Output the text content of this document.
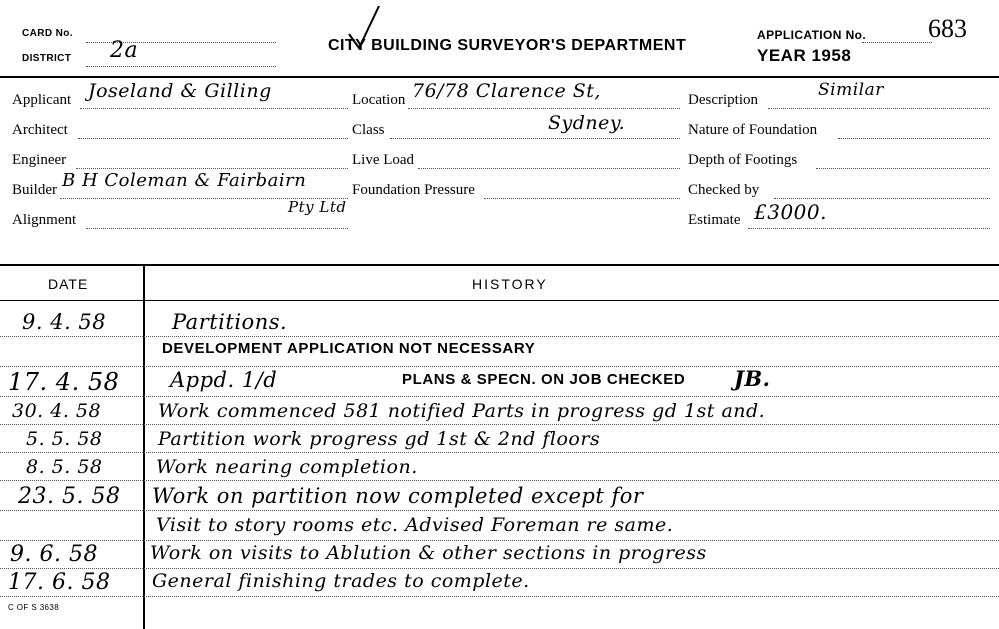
CARD No.
DISTRICT 2a	CITY BUILDING SURVEYOR'S DEPARTMENT
APPLICATION No. 683
YEAR 1958
Applicant Joseland & Gilling
Architect
Engineer
Builder B H Coleman & Fairbairn
Pty Ltd
Alignment
Location 76/78 Clarence St,
Class	Sydney.
Live Load
Foundation Pressure
Description	Similar
Nature of Foundation
Depth of Footings
Checked by
Estimate £3000.
DATE	HISTORY
9. 4. 58	Partitions.
DEVELOPMENT APPLICATION NOT NECESSARY
17. 4. 58 Appd. 1/d	PLANS & SPECN. ON JOB CHECKED JB.
30. 4. 58	Work commenced 581 notified Parts in progress gd 1st and.
5. 5. 58	Partition work progress gd 1st & 2nd floors
8. 5. 58	Work nearing completion.
23. 5. 58 Work on partition now completed except for
Visit to story rooms etc. Advised Foreman re same.
9. 6. 58	Work on visits to Ablution & other sections in progress
17. 6. 58 General finishing trades to complete.
C OF S 3638
